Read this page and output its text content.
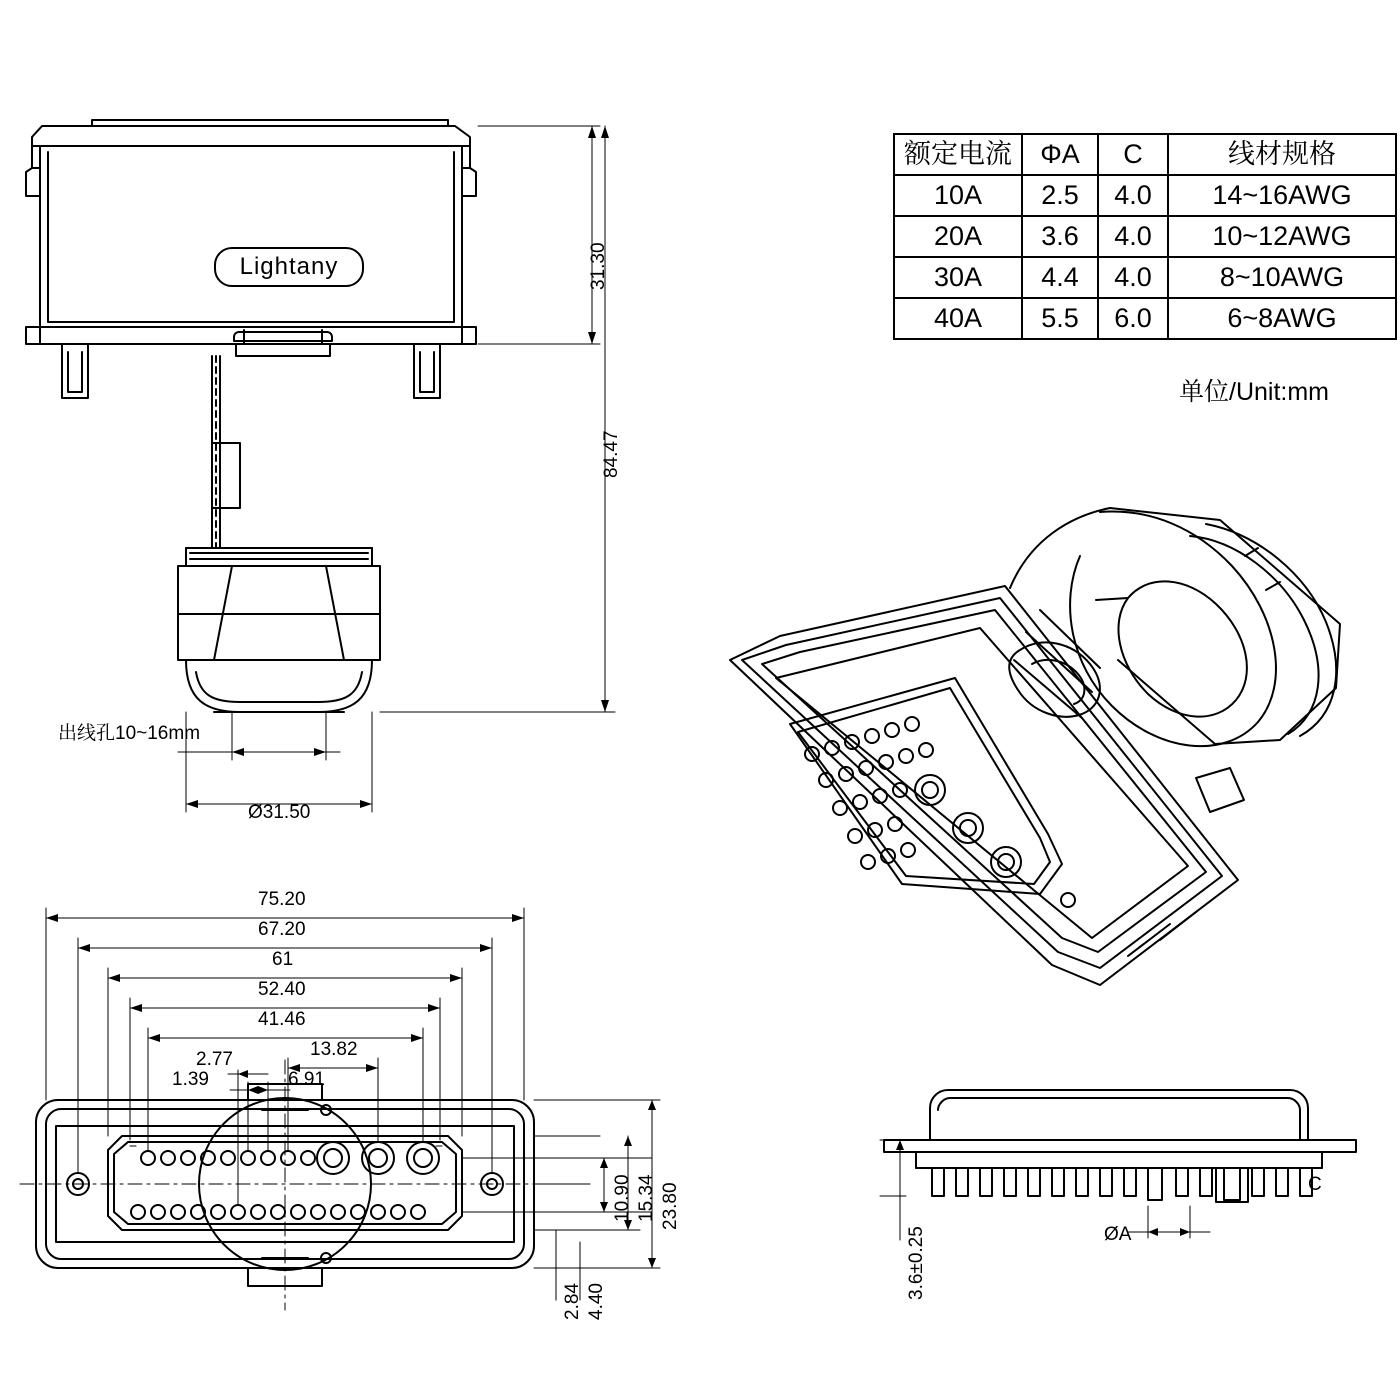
额定电流	ΦA	C	线材规格
10A	2.5	4.0	14~16AWG
20A	3.6	4.0	10~12AWG
30A	4.4	4.0	8~10AWG
40A	5.5	6.0	6~8AWG
单位/Unit:mm
Lightany	31.30
84.47
出线孔10~16mm
Ø31.50
75.20
67.20
61
52.40
41.46
13.82
6.91
2.77
1.39
23.80
15.34
10.90
4.40
2.84
3.6±0.25	ØA
C
